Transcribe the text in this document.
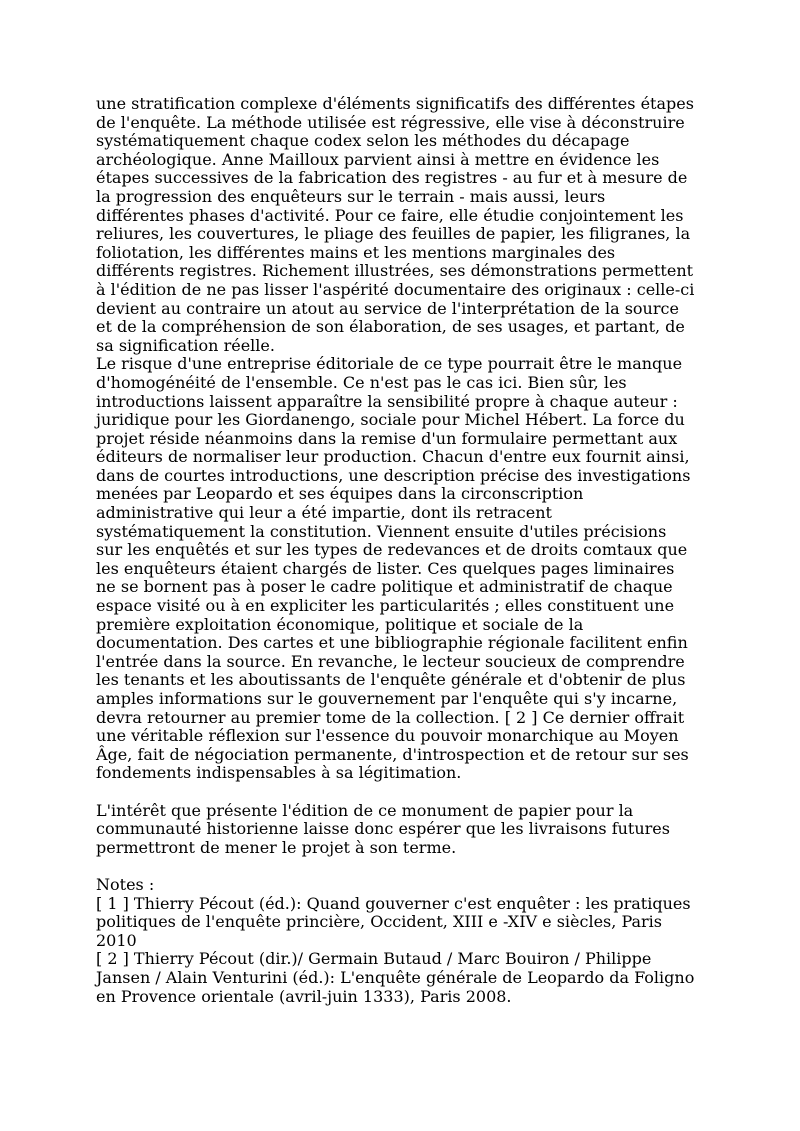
une stratification complexe d'éléments significatifs des différentes étapes
de l'enquête. La méthode utilisée est régressive, elle vise à déconstruire
systématiquement chaque codex selon les méthodes du décapage
archéologique. Anne Mailloux parvient ainsi à mettre en évidence les
étapes successives de la fabrication des registres - au fur et à mesure de
la progression des enquêteurs sur le terrain - mais aussi, leurs
différentes phases d'activité. Pour ce faire, elle étudie conjointement les
reliures, les couvertures, le pliage des feuilles de papier, les filigranes, la
foliotation, les différentes mains et les mentions marginales des
différents registres. Richement illustrées, ses démonstrations permettent
à l'édition de ne pas lisser l'aspérité documentaire des originaux : celle-ci
devient au contraire un atout au service de l'interprétation de la source
et de la compréhension de son élaboration, de ses usages, et partant, de
sa signification réelle.

Le risque d'une entreprise éditoriale de ce type pourrait être le manque
d'homogénéité de l'ensemble. Ce n'est pas le cas ici. Bien sûr, les
introductions laissent apparaître la sensibilité propre à chaque auteur :
juridique pour les Giordanengo, sociale pour Michel Hébert. La force du
projet réside néanmoins dans la remise d'un formulaire permettant aux
éditeurs de normaliser leur production. Chacun d'entre eux fournit ainsi,
dans de courtes introductions, une description précise des investigations
menées par Leopardo et ses équipes dans la circonscription
administrative qui leur a été impartie, dont ils retracent
systématiquement la constitution. Viennent ensuite d'utiles précisions
sur les enquêtés et sur les types de redevances et de droits comtaux que
les enquêteurs étaient chargés de lister. Ces quelques pages liminaires
ne se bornent pas à poser le cadre politique et administratif de chaque
espace visité ou à en expliciter les particularités ; elles constituent une
première exploitation économique, politique et sociale de la
documentation. Des cartes et une bibliographie régionale facilitent enfin
l'entrée dans la source. En revanche, le lecteur soucieux de comprendre
les tenants et les aboutissants de l'enquête générale et d'obtenir de plus
amples informations sur le gouvernement par l'enquête qui s'y incarne,
devra retourner au premier tome de la collection. [ 2 ] Ce dernier offrait
une véritable réflexion sur l'essence du pouvoir monarchique au Moyen
Âge, fait de négociation permanente, d'introspection et de retour sur ses
fondements indispensables à sa légitimation.

L'intérêt que présente l'édition de ce monument de papier pour la
communauté historienne laisse donc espérer que les livraisons futures
permettront de mener le projet à son terme.

Notes :

[ 1 ] Thierry Pécout (éd.): Quand gouverner c'est enquêter : les pratiques
politiques de l'enquête princière, Occident, XIII e -XIV e siècles, Paris
2010

[ 2 ] Thierry Pécout (dir.)/ Germain Butaud / Marc Bouiron / Philippe
Jansen / Alain Venturini (éd.): L'enquête générale de Leopardo da Foligno
en Provence orientale (avril-juin 1333), Paris 2008.
